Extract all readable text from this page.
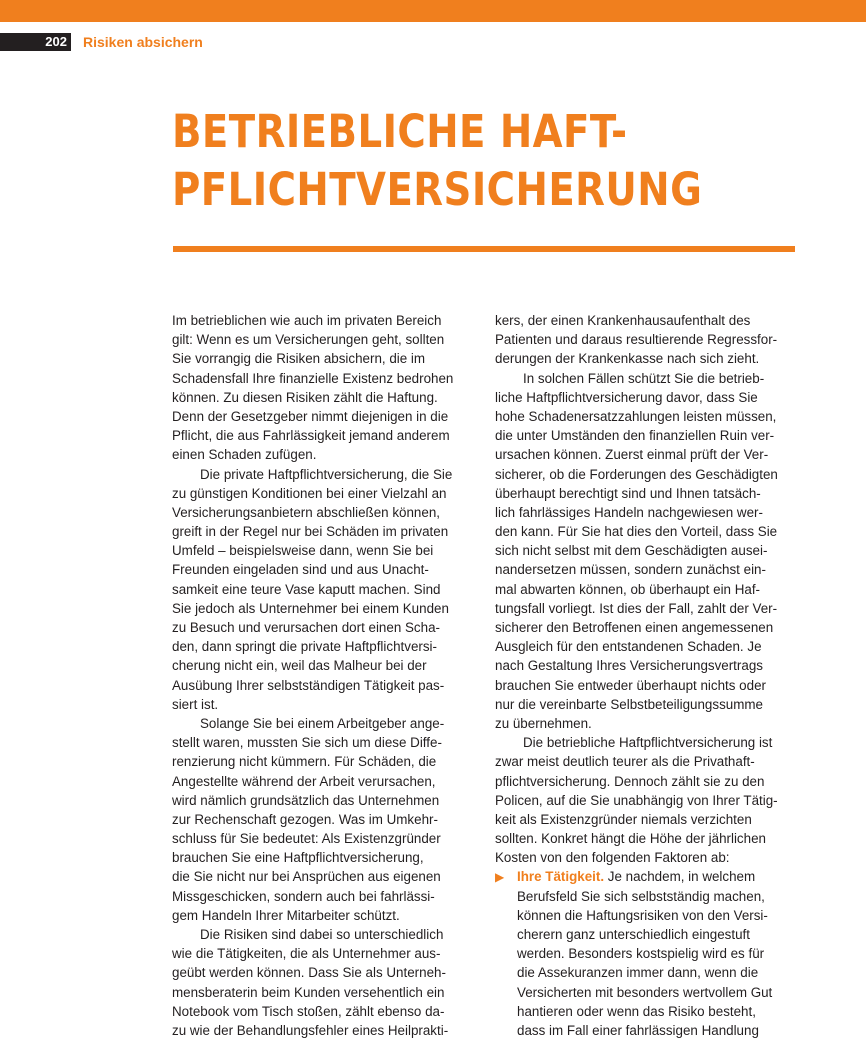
202 Risiken absichern
BETRIEBLICHE HAFT-
PFLICHTVERSICHERUNG
Im betrieblichen wie auch im privaten Bereich
gilt: Wenn es um Versicherungen geht, sollten
Sie vorrangig die Risiken absichern, die im
Schadensfall Ihre finanzielle Existenz bedrohen
können. Zu diesen Risiken zählt die Haftung.
Denn der Gesetzgeber nimmt diejenigen in die
Pflicht, die aus Fahrlässigkeit jemand anderem
einen Schaden zufügen.
Die private Haftpflichtversicherung, die Sie
zu günstigen Konditionen bei einer Vielzahl an
Versicherungsanbietern abschließen können,
greift in der Regel nur bei Schäden im privaten
Umfeld – beispielsweise dann, wenn Sie bei
Freunden eingeladen sind und aus Unacht-
samkeit eine teure Vase kaputt machen. Sind
Sie jedoch als Unternehmer bei einem Kunden
zu Besuch und verursachen dort einen Scha-
den, dann springt die private Haftpflichtversi-
cherung nicht ein, weil das Malheur bei der
Ausübung Ihrer selbstständigen Tätigkeit pas-
siert ist.
Solange Sie bei einem Arbeitgeber ange-
stellt waren, mussten Sie sich um diese Diffe-
renzierung nicht kümmern. Für Schäden, die
Angestellte während der Arbeit verursachen,
wird nämlich grundsätzlich das Unternehmen
zur Rechenschaft gezogen. Was im Umkehr-
schluss für Sie bedeutet: Als Existenzgründer
brauchen Sie eine Haftpflichtversicherung,
die Sie nicht nur bei Ansprüchen aus eigenen
Missgeschicken, sondern auch bei fahrlässi-
gem Handeln Ihrer Mitarbeiter schützt.
Die Risiken sind dabei so unterschiedlich
wie die Tätigkeiten, die als Unternehmer aus-
geübt werden können. Dass Sie als Unterneh-
mensberaterin beim Kunden versehentlich ein
Notebook vom Tisch stoßen, zählt ebenso da-
zu wie der Behandlungsfehler eines Heilprakti-
kers, der einen Krankenhausaufenthalt des
Patienten und daraus resultierende Regressfor-
derungen der Krankenkasse nach sich zieht.
In solchen Fällen schützt Sie die betrieb-
liche Haftpflichtversicherung davor, dass Sie
hohe Schadenersatzzahlungen leisten müssen,
die unter Umständen den finanziellen Ruin ver-
ursachen können. Zuerst einmal prüft der Ver-
sicherer, ob die Forderungen des Geschädigten
überhaupt berechtigt sind und Ihnen tatsäch-
lich fahrlässiges Handeln nachgewiesen wer-
den kann. Für Sie hat dies den Vorteil, dass Sie
sich nicht selbst mit dem Geschädigten ausei-
nandersetzen müssen, sondern zunächst ein-
mal abwarten können, ob überhaupt ein Haf-
tungsfall vorliegt. Ist dies der Fall, zahlt der Ver-
sicherer den Betroffenen einen angemessenen
Ausgleich für den entstandenen Schaden. Je
nach Gestaltung Ihres Versicherungsvertrags
brauchen Sie entweder überhaupt nichts oder
nur die vereinbarte Selbstbeteiligungssumme
zu übernehmen.
Die betriebliche Haftpflichtversicherung ist
zwar meist deutlich teurer als die Privathaft-
pflichtversicherung. Dennoch zählt sie zu den
Policen, auf die Sie unabhängig von Ihrer Tätig-
keit als Existenzgründer niemals verzichten
sollten. Konkret hängt die Höhe der jährlichen
Kosten von den folgenden Faktoren ab:
▶ Ihre Tätigkeit. Je nachdem, in welchem
Berufsfeld Sie sich selbstständig machen,
können die Haftungsrisiken von den Versi-
cherern ganz unterschiedlich eingestuft
werden. Besonders kostspielig wird es für
die Assekuranzen immer dann, wenn die
Versicherten mit besonders wertvollem Gut
hantieren oder wenn das Risiko besteht,
dass im Fall einer fahrlässigen Handlung
